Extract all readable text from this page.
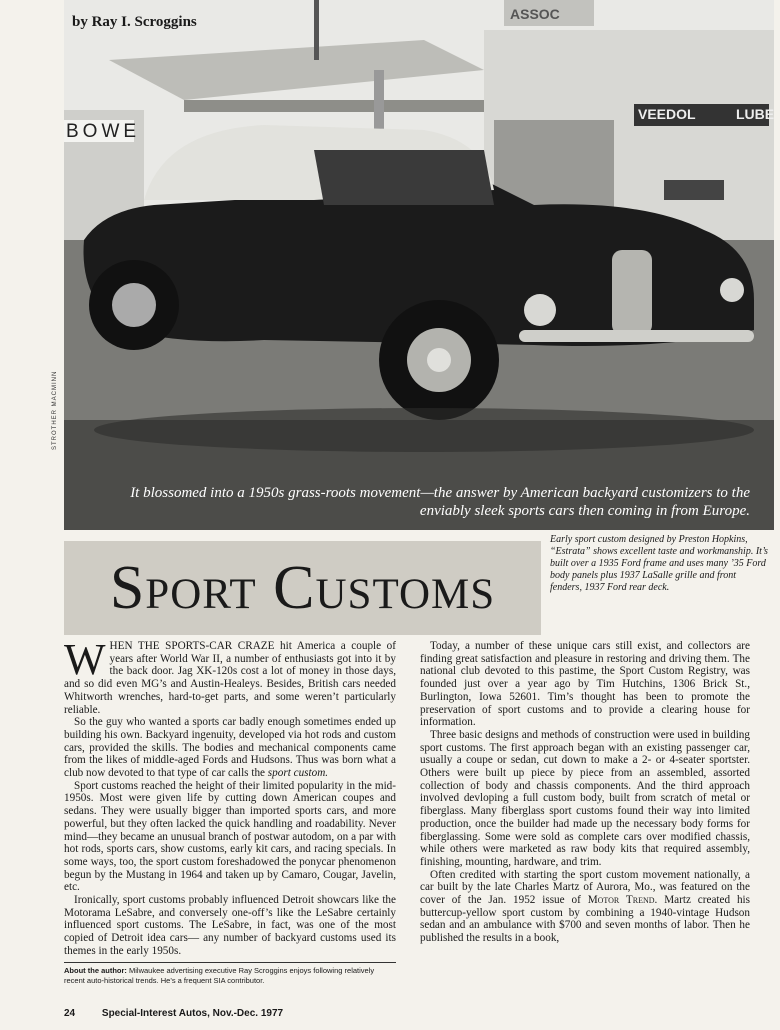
BOWE
VEEDOL	LUBE
ASSOC
by Ray I. Scroggins
STROTHER MACMINN
It blossomed into a 1950s grass-roots movement—the answer by American backyard customizers to the enviably sleek sports cars then coming in from Europe.
Sport Customs
Early sport custom designed by Preston Hopkins, “Estrata” shows excellent taste and workmanship. It’s built over a 1935 Ford frame and uses many ’35 Ford body panels plus 1937 LaSalle grille and front fenders, 1937 Ford rear deck.

WHEN THE SPORTS-CAR CRAZE hit America a couple of years after World War II, a number of enthusiasts got into it by the back door. Jag XK-120s cost a lot of money in those days, and so did even MG’s and Austin-Healeys. Besides, British cars needed Whitworth wrenches, hard-to-get parts, and some weren’t particularly reliable.

So the guy who wanted a sports car badly enough sometimes ended up building his own. Backyard ingenuity, developed via hot rods and custom cars, provided the skills. The bodies and mechanical components came from the likes of middle-aged Fords and Hudsons. Thus was born what a club now devoted to that type of car calls the sport custom.

Sport customs reached the height of their limited popularity in the mid-1950s. Most were given life by cutting down American coupes and sedans. They were usually bigger than imported sports cars, and more powerful, but they often lacked the quick handling and roadability. Never mind—they became an unusual branch of postwar autodom, on a par with hot rods, sports cars, show customs, early kit cars, and racing specials. In some ways, too, the sport custom foreshadowed the ponycar phenomenon begun by the Mustang in 1964 and taken up by Camaro, Cougar, Javelin, etc.

Ironically, sport customs probably influenced Detroit showcars like the Motorama LeSabre, and conversely one-off’s like the LeSabre certainly influenced sport customs. The LeSabre, in fact, was one of the most copied of Detroit idea cars— any number of backyard customs used its themes in the early 1950s.

Today, a number of these unique cars still exist, and collectors are finding great satisfaction and pleasure in restoring and driving them. The national club devoted to this pastime, the Sport Custom Registry, was founded just over a year ago by Tim Hutchins, 1306 Brick St., Burlington, Iowa 52601. Tim’s thought has been to promote the preservation of sport customs and to provide a clearing house for information.

Three basic designs and methods of construction were used in building sport customs. The first approach began with an existing passenger car, usually a coupe or sedan, cut down to make a 2- or 4-seater sportster. Others were built up piece by piece from an assembled, assorted collection of body and chassis components. And the third approach involved devloping a full custom body, built from scratch of metal or fiberglass. Many fiberglass sport customs found their way into limited production, once the builder had made up the necessary body forms for fiberglassing. Some were sold as complete cars over modified chassis, while others were marketed as raw body kits that required assembly, finishing, mounting, hardware, and trim.

Often credited with starting the sport custom movement nationally, a car built by the late Charles Martz of Aurora, Mo., was featured on the cover of the Jan. 1952 issue of Motor Trend. Martz created his buttercup-yellow sport custom by combining a 1940-vintage Hudson sedan and an ambulance with $700 and seven months of labor. Then he published the results in a book,

About the author: Milwaukee advertising executive Ray Scroggins enjoys following relatively recent auto-historical trends. He’s a frequent SIA contributor.
24	Special-Interest Autos, Nov.-Dec. 1977
